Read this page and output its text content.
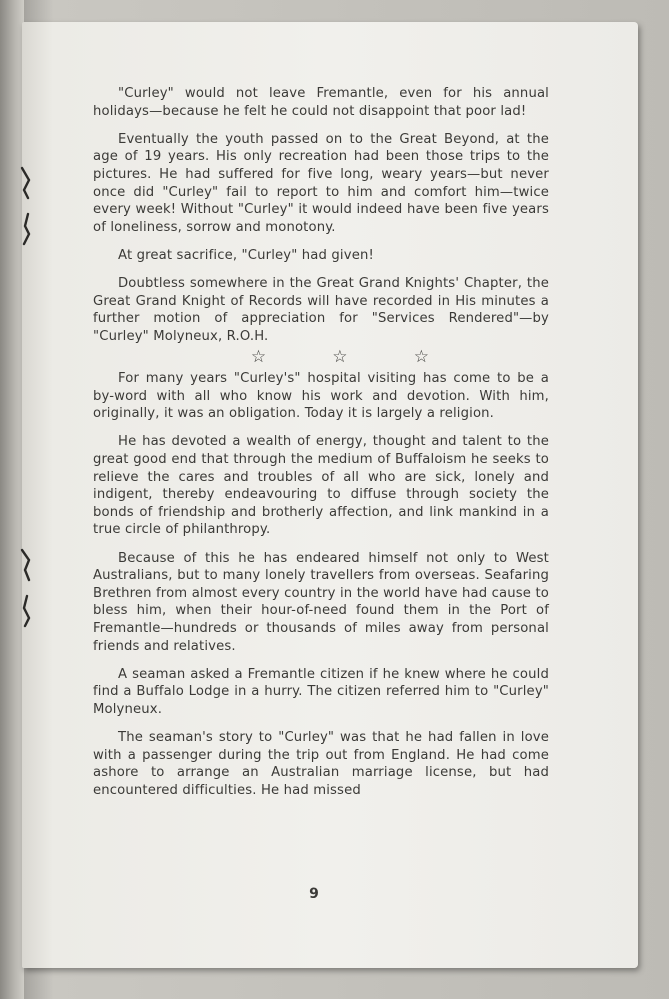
"Curley" would not leave Fremantle, even for his annual holidays—because he felt he could not disappoint that poor lad!

Eventually the youth passed on to the Great Beyond, at the age of 19 years. His only recreation had been those trips to the pictures. He had suffered for five long, weary years—but never once did "Curley" fail to report to him and comfort him—twice every week! Without "Curley" it would indeed have been five years of loneliness, sorrow and monotony.

At great sacrifice, "Curley" had given!

Doubtless somewhere in the Great Grand Knights' Chapter, the Great Grand Knight of Records will have recorded in His minutes a further motion of appreciation for "Services Rendered"—by "Curley" Molyneux, R.O.H.

☆	☆	☆

For many years "Curley's" hospital visiting has come to be a by-word with all who know his work and devotion. With him, originally, it was an obligation. Today it is largely a religion.

He has devoted a wealth of energy, thought and talent to the great good end that through the medium of Buffaloism he seeks to relieve the cares and troubles of all who are sick, lonely and indigent, thereby endeavouring to diffuse through society the bonds of friendship and brotherly affection, and link mankind in a true circle of philanthropy.

Because of this he has endeared himself not only to West Australians, but to many lonely travellers from overseas. Seafaring Brethren from almost every country in the world have had cause to bless him, when their hour-of-need found them in the Port of Fremantle—hundreds or thousands of miles away from personal friends and relatives.

A seaman asked a Fremantle citizen if he knew where he could find a Buffalo Lodge in a hurry. The citizen referred him to "Curley" Molyneux.

The seaman's story to "Curley" was that he had fallen in love with a passenger during the trip out from England. He had come ashore to arrange an Australian marriage license, but had encountered difficulties. He had missed

9
